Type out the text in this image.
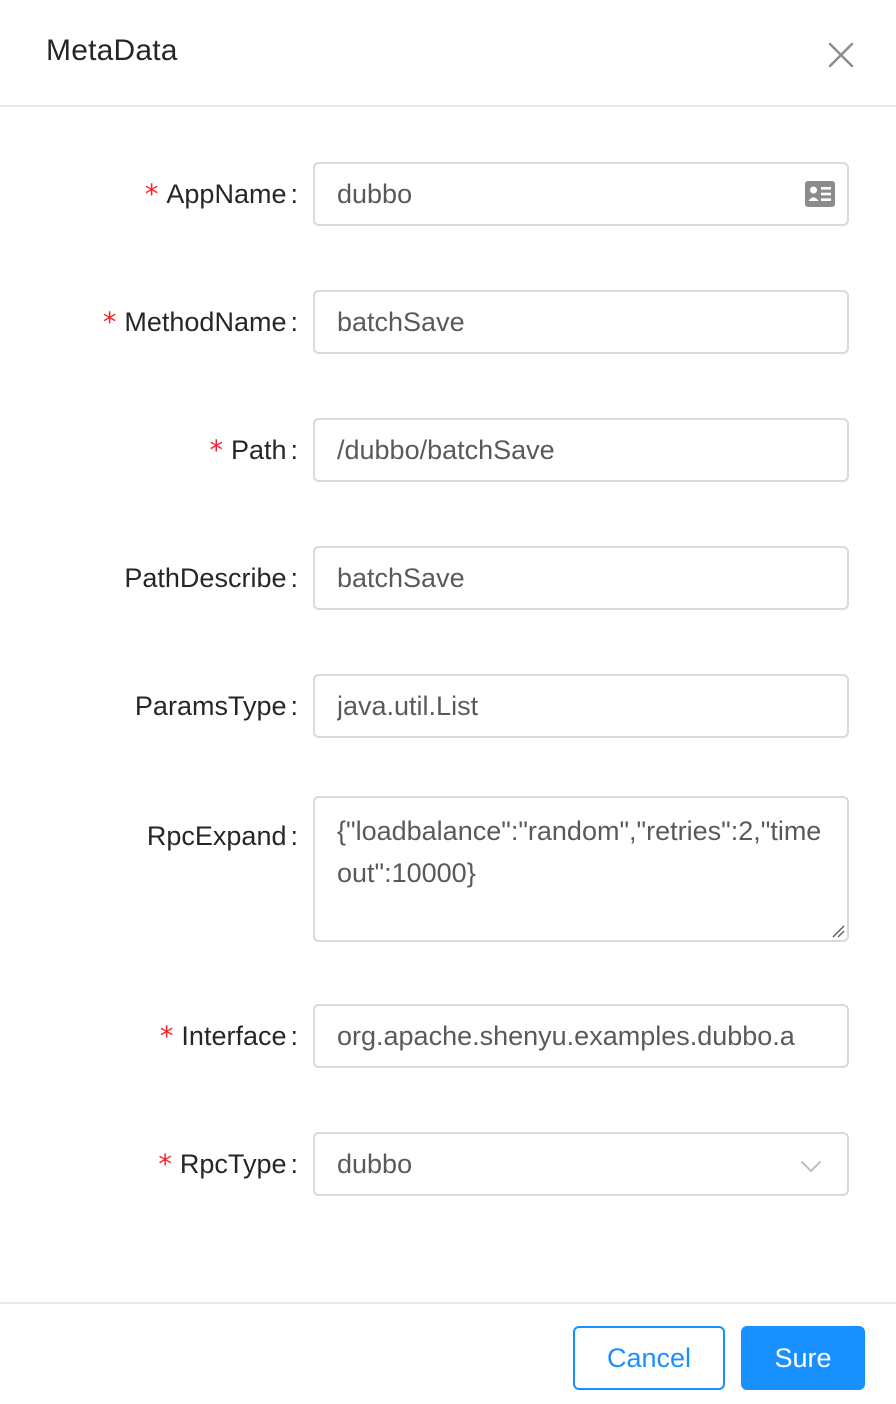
MetaData
* AppName : dubbo
* MethodName : batchSave
* Path : /dubbo/batchSave
PathDescribe : batchSave
ParamsType : java.util.List
RpcExpand :	{"loadbalance":"random","retries":2,"timeout":10000}
* Interface : org.apache.shenyu.examples.dubbo.a
* RpcType : dubbo
Cancel	Sure
